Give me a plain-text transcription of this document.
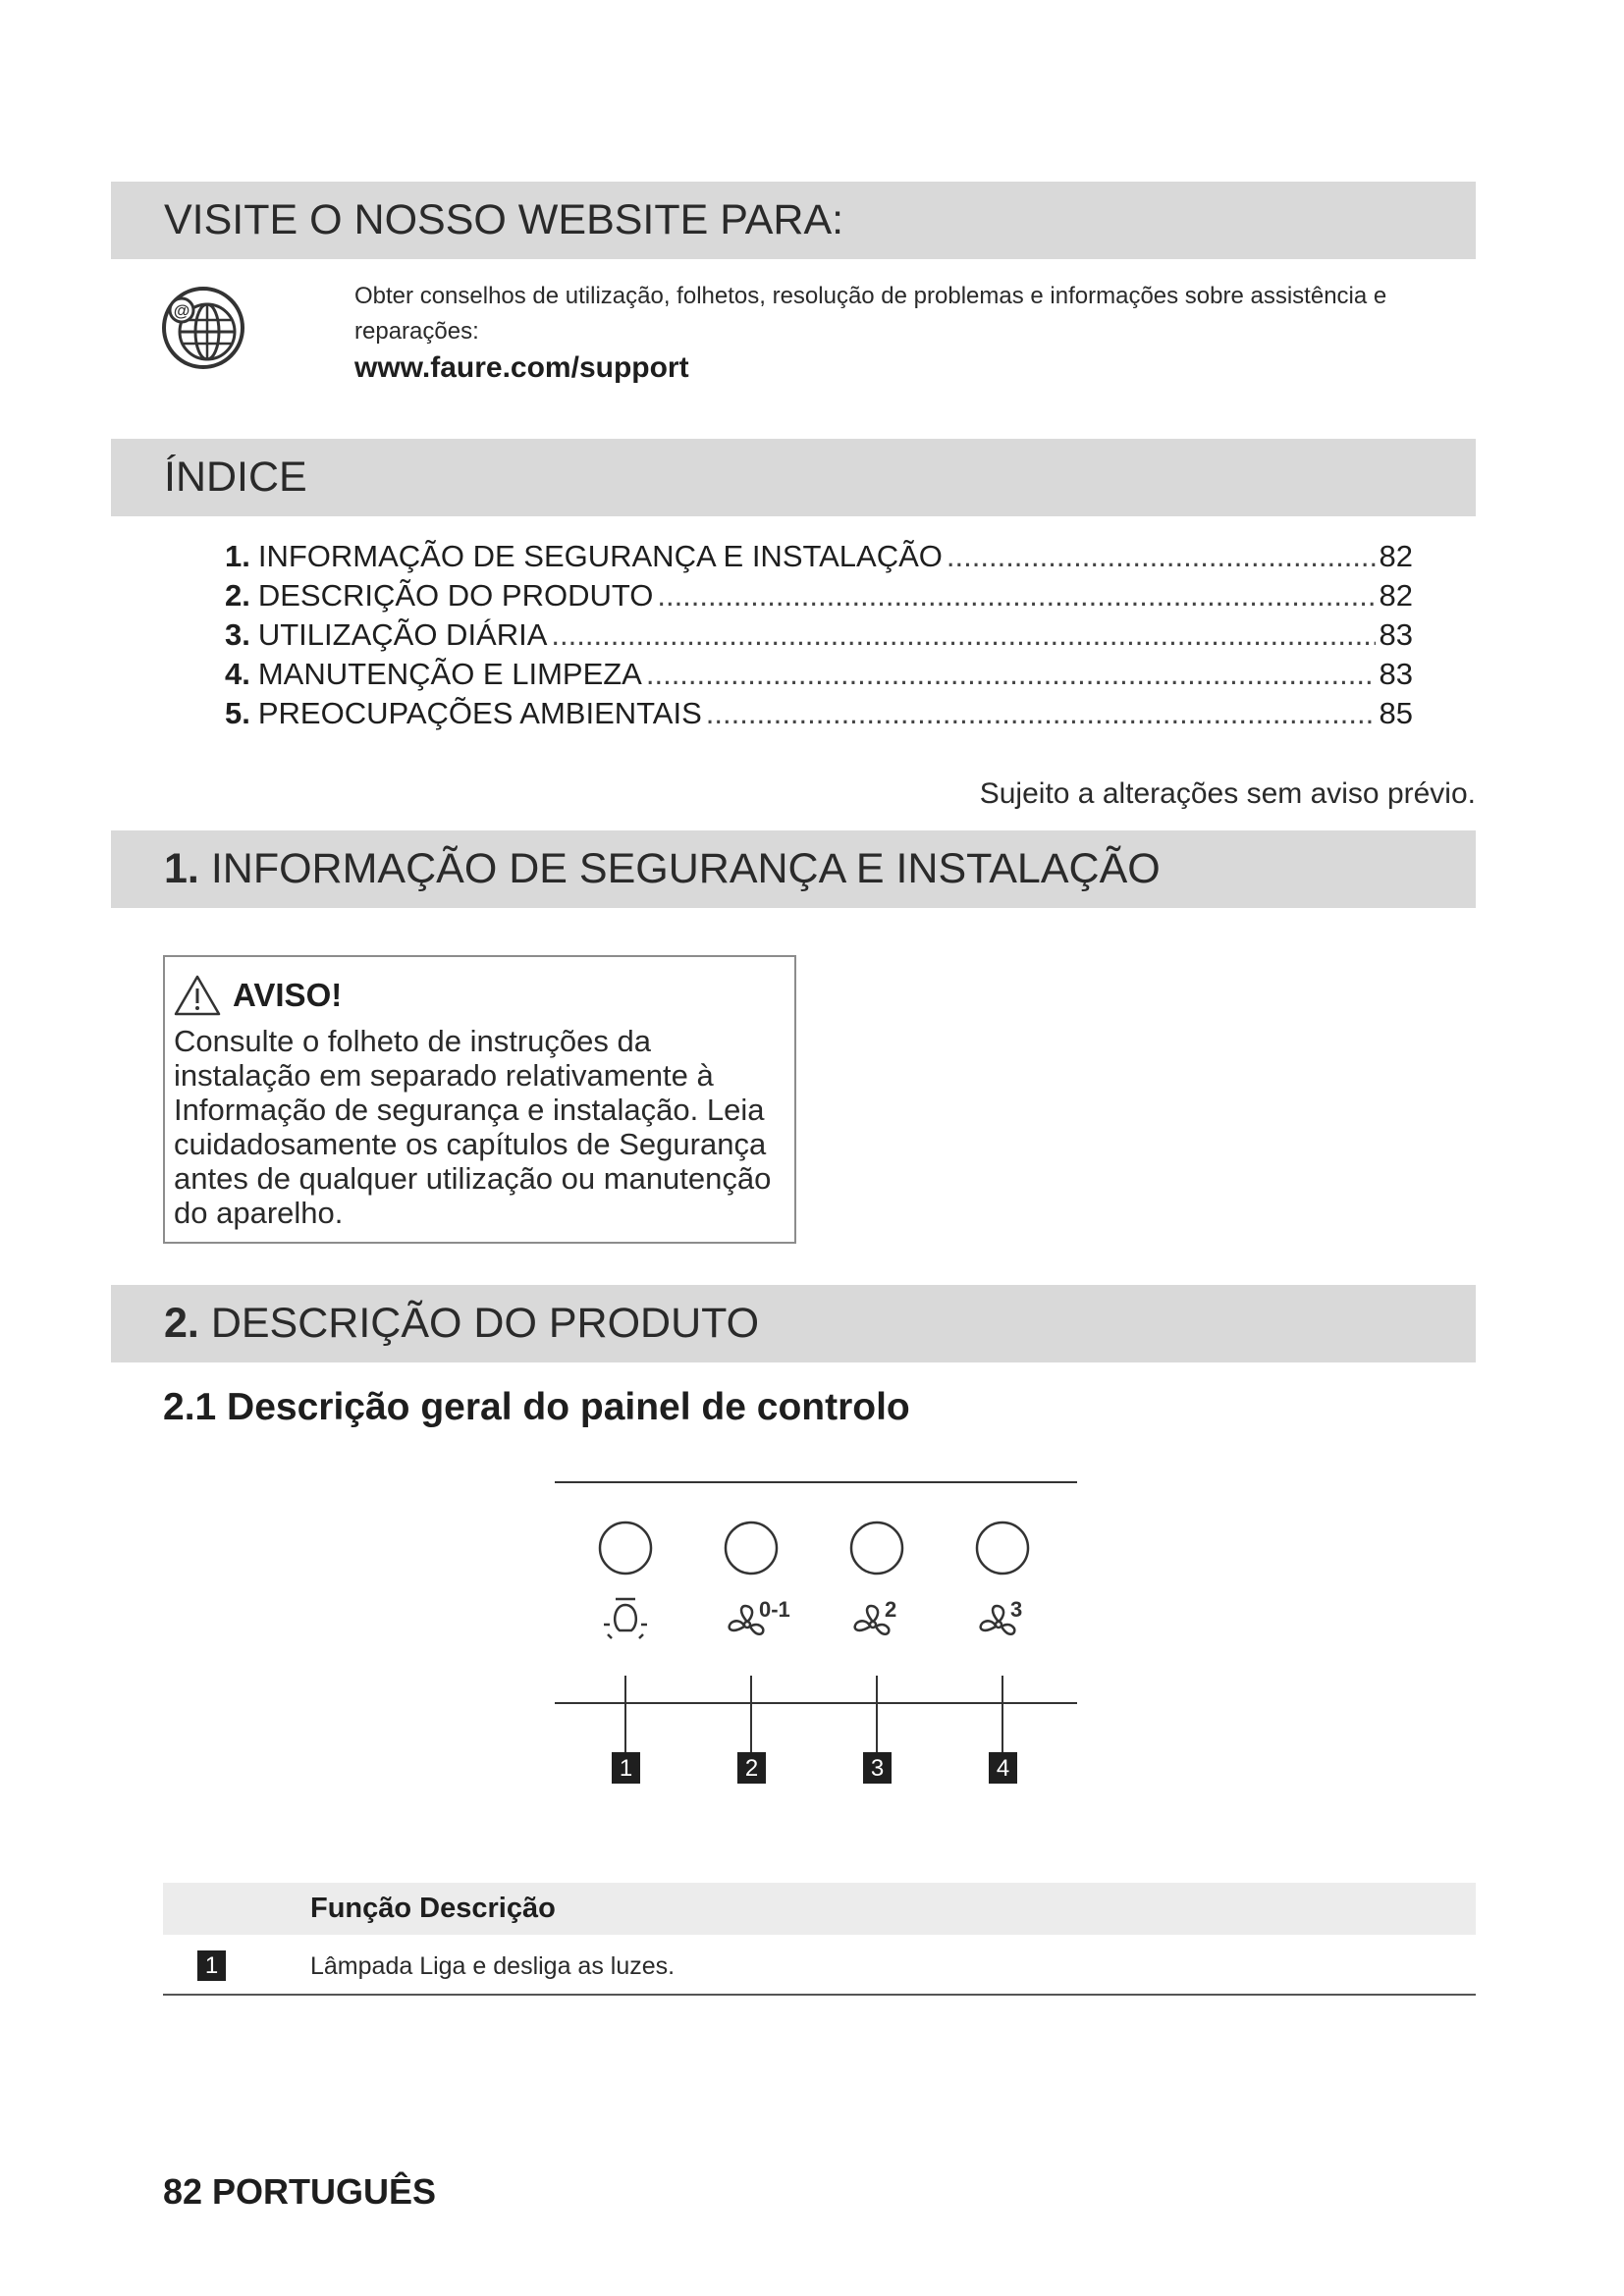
VISITE O NOSSO WEBSITE PARA:
@
Obter conselhos de utilização, folhetos, resolução de problemas e informações sobre assistência e reparações:
www.faure.com/support
ÍNDICE
1. INFORMAÇÃO DE SEGURANÇA E INSTALAÇÃO .....	82
2. DESCRIÇÃO DO PRODUTO .....	82
3. UTILIZAÇÃO DIÁRIA .....	83
4. MANUTENÇÃO E LIMPEZA .....	83
5. PREOCUPAÇÕES AMBIENTAIS .....	85
Sujeito a alterações sem aviso prévio.
1. INFORMAÇÃO DE SEGURANÇA E INSTALAÇÃO
AVISO!
Consulte o folheto de instruções da instalação em separado relativamente à Informação de segurança e instalação. Leia cuidadosamente os capítulos de Segurança antes de qualquer utilização ou manutenção do aparelho.
2. DESCRIÇÃO DO PRODUTO
2.1 Descrição geral do painel de controlo
0-1	2	3
1	2	3	4
Função Descrição
1	Lâmpada Liga e desliga as luzes.
82 PORTUGUÊS
